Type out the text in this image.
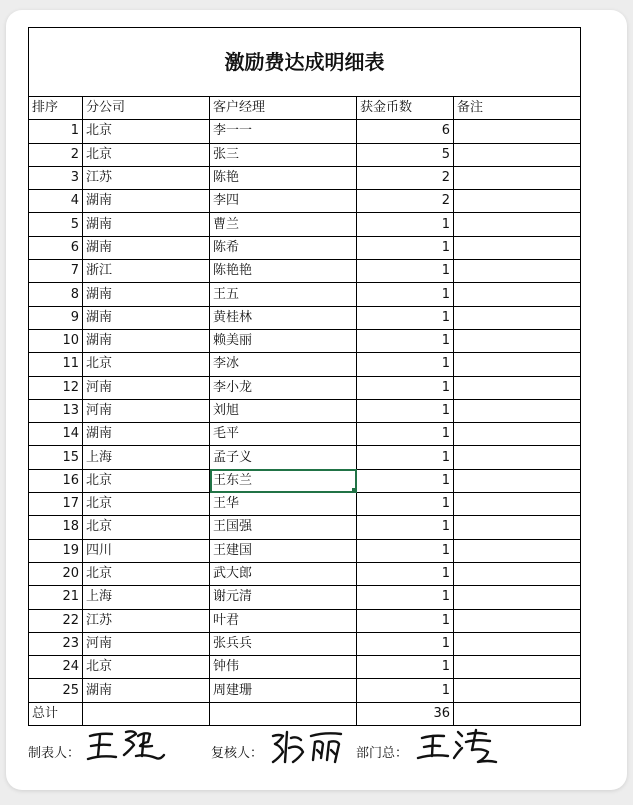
激励费达成明细表				
排序	分公司	客户经理	获金币数	备注
1	北京	李一一	6	
2	北京	张三	5	
3	江苏	陈艳	2	
4	湖南	李四	2	
5	湖南	曹兰	1	
6	湖南	陈希	1	
7	浙江	陈艳艳	1	
8	湖南	王五	1	
9	湖南	黄桂林	1	
10	湖南	赖美丽	1	
11	北京	李冰	1	
12	河南	李小龙	1	
13	河南	刘旭	1	
14	湖南	毛平	1	
15	上海	孟子义	1	
16	北京	王东兰	1	
17	北京	王华	1	
18	北京	王国强	1	
19	四川	王建国	1	
20	北京	武大郎	1	
21	上海	谢元清	1	
22	江苏	叶君	1	
23	河南	张兵兵	1	
24	北京	钟伟	1	
25	湖南	周建珊	1	
总计			36	
制表人：	复核人：	部门总：
